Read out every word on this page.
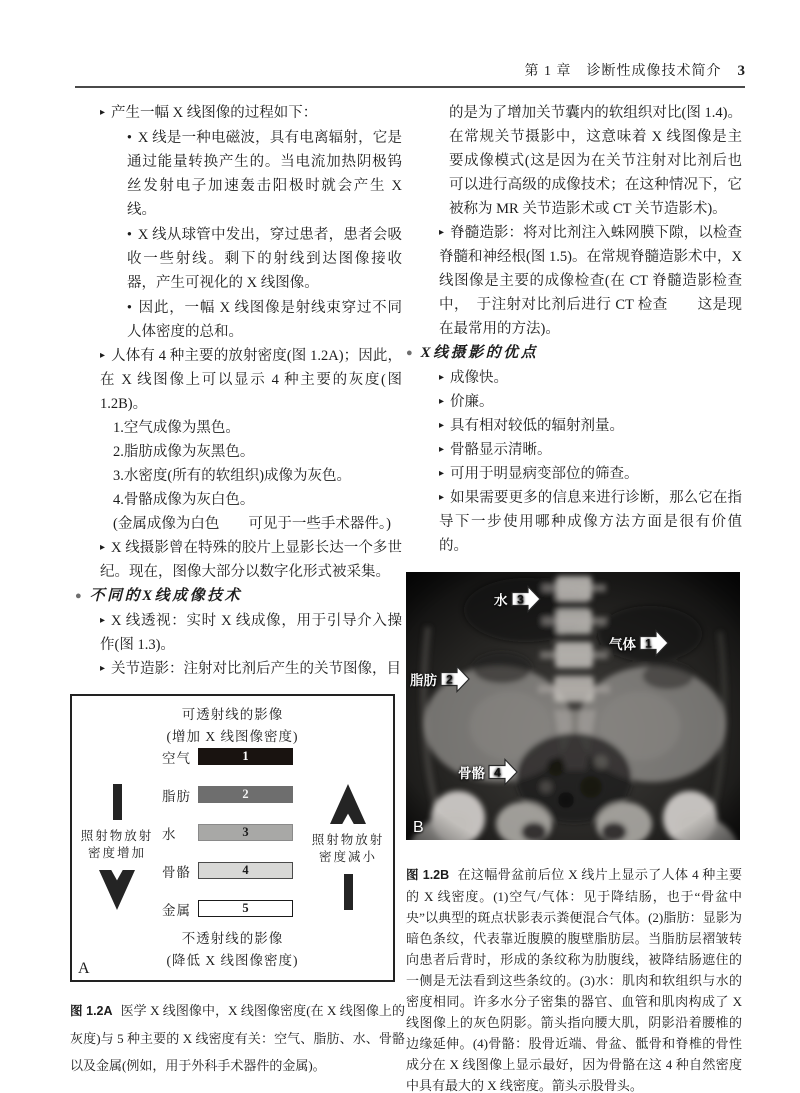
第 1 章　诊断性成像技术简介 3
▸ 产生一幅 X 线图像的过程如下：
● X 线是一种电磁波，具有电离辐射，它是通过能量转换产生的。当电流加热阴极钨丝发射电子加速轰击阳极时就会产生 X 线。
● X 线从球管中发出，穿过患者，患者会吸收一些射线。剩下的射线到达图像接收器，产生可视化的 X 线图像。
● 因此，一幅 X 线图像是射线束穿过不同人体密度的总和。
▸ 人体有 4 种主要的放射密度(图 1.2A)；因此，在 X 线图像上可以显示 4 种主要的灰度(图 1.2B)。
1.空气成像为黑色。
2.脂肪成像为灰黑色。
3.水密度(所有的软组织)成像为灰色。
4.骨骼成像为灰白色。
(金属成像为白色　　可见于一些手术器件。)
▸ X 线摄影曾在特殊的胶片上显影长达一个多世纪。现在，图像大部分以数字化形式被采集。
● 不同的X线成像技术
▸ X 线透视：实时 X 线成像，用于引导介入操作(图 1.3)。
▸ 关节造影：注射对比剂后产生的关节图像，目
可透射线的影像
(增加 X 线图像密度)
照射物放射
密度增加
照射物放射
密度减小
空气	1
脂肪	2
水	3
骨骼	4
金属	5
不透射线的影像
(降低 X 线图像密度)
A
图 1.2A 医学 X 线图像中，X 线图像密度(在 X 线图像上的灰度)与 5 种主要的 X 线密度有关：空气、脂肪、水、骨骼以及金属(例如，用于外科手术器件的金属)。
的是为了增加关节囊内的软组织对比(图 1.4)。在常规关节摄影中，这意味着 X 线图像是主要成像模式(这是因为在关节注射对比剂后也可以进行高级的成像技术；在这种情况下，它被称为 MR 关节造影术或 CT 关节造影术)。
▸ 脊髓造影：将对比剂注入蛛网膜下隙，以检查脊髓和神经根(图 1.5)。在常规脊髓造影术中，X 线图像是主要的成像检查(在 CT 脊髓造影检查中，　于注射对比剂后进行 CT 检查　　这是现在最常用的方法)。
● X线摄影的优点
▸ 成像快。
▸ 价廉。
▸ 具有相对较低的辐射剂量。
▸ 骨骼显示清晰。
▸ 可用于明显病变部位的筛查。
▸ 如果需要更多的信息来进行诊断，那么它在指导下一步使用哪种成像方法方面是很有价值的。
水 3
气体 1
脂肪 2
骨骼 4
B
图 1.2B 在这幅骨盆前后位 X 线片上显示了人体 4 种主要的 X 线密度。(1)空气/气体：见于降结肠，也于“骨盆中央”以典型的斑点状影表示粪便混合气体。(2)脂肪：显影为暗色条纹，代表靠近腹膜的腹壁脂肪层。当脂肪层褶皱转向患者后背时，形成的条纹称为肋腹线，被降结肠遮住的一侧是无法看到这些条纹的。(3)水：肌肉和软组织与水的密度相同。许多水分子密集的器官、血管和肌肉构成了 X 线图像上的灰色阴影。箭头指向腰大肌，阴影沿着腰椎的边缘延伸。(4)骨骼：股骨近端、骨盆、骶骨和脊椎的骨性成分在 X 线图像上显示最好，因为骨骼在这 4 种自然密度中具有最大的 X 线密度。箭头示股骨头。
